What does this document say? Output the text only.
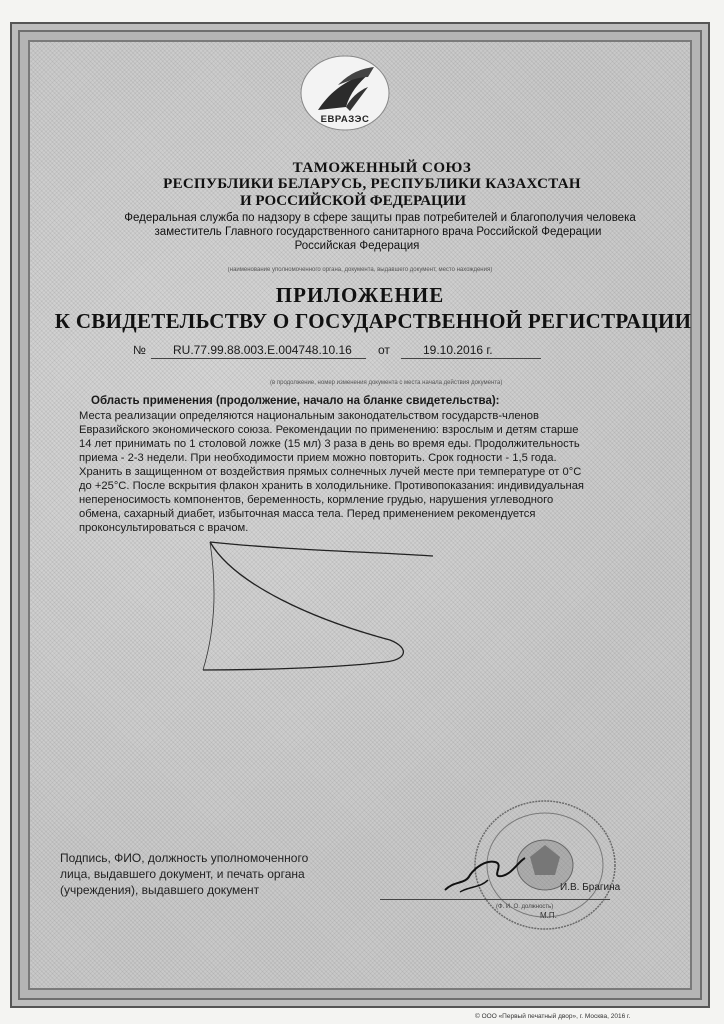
ЕВРАЗЭС
ТАМОЖЕННЫЙ СОЮЗ
РЕСПУБЛИКИ БЕЛАРУСЬ, РЕСПУБЛИКИ КАЗАХСТАН
И РОССИЙСКОЙ ФЕДЕРАЦИИ
Федеральная служба по надзору в сфере защиты прав потребителей и благополучия человека
заместитель Главного государственного санитарного врача Российской Федерации
Российская Федерация
(наименование уполномоченного органа, документа, выдавшего документ, место нахождения)
ПРИЛОЖЕНИЕ
К СВИДЕТЕЛЬСТВУ О ГОСУДАРСТВЕННОЙ РЕГИСТРАЦИИ
№ RU.77.99.88.003.E.004748.10.16 от	19.10.2016 г.
(в продолжение, номер изменения документа с места начала действия документа)
Область применения (продолжение, начало на бланке свидетельства):
Места реализации определяются национальным законодательством государств-членов
Евразийского экономического союза. Рекомендации по применению: взрослым и детям старше
14 лет принимать по 1 столовой ложке (15 мл) 3 раза в день во время еды. Продолжительность
приема - 2-3 недели. При необходимости прием можно повторить. Срок годности - 1,5 года.
Хранить в защищенном от воздействия прямых солнечных лучей месте при температуре от 0°С
до +25°С. После вскрытия флакон хранить в холодильнике. Противопоказания: индивидуальная
непереносимость компонентов, беременность, кормление грудью, нарушения углеводного
обмена, сахарный диабет, избыточная масса тела. Перед применением рекомендуется
проконсультироваться с врачом.
Подпись, ФИО, должность уполномоченного
лица, выдавшего документ, и печать органа
(учреждения), выдавшего документ	И.В. Брагина
(Ф. И. О. должность)
М.П.
© ООО «Первый печатный двор», г. Москва, 2016 г.
